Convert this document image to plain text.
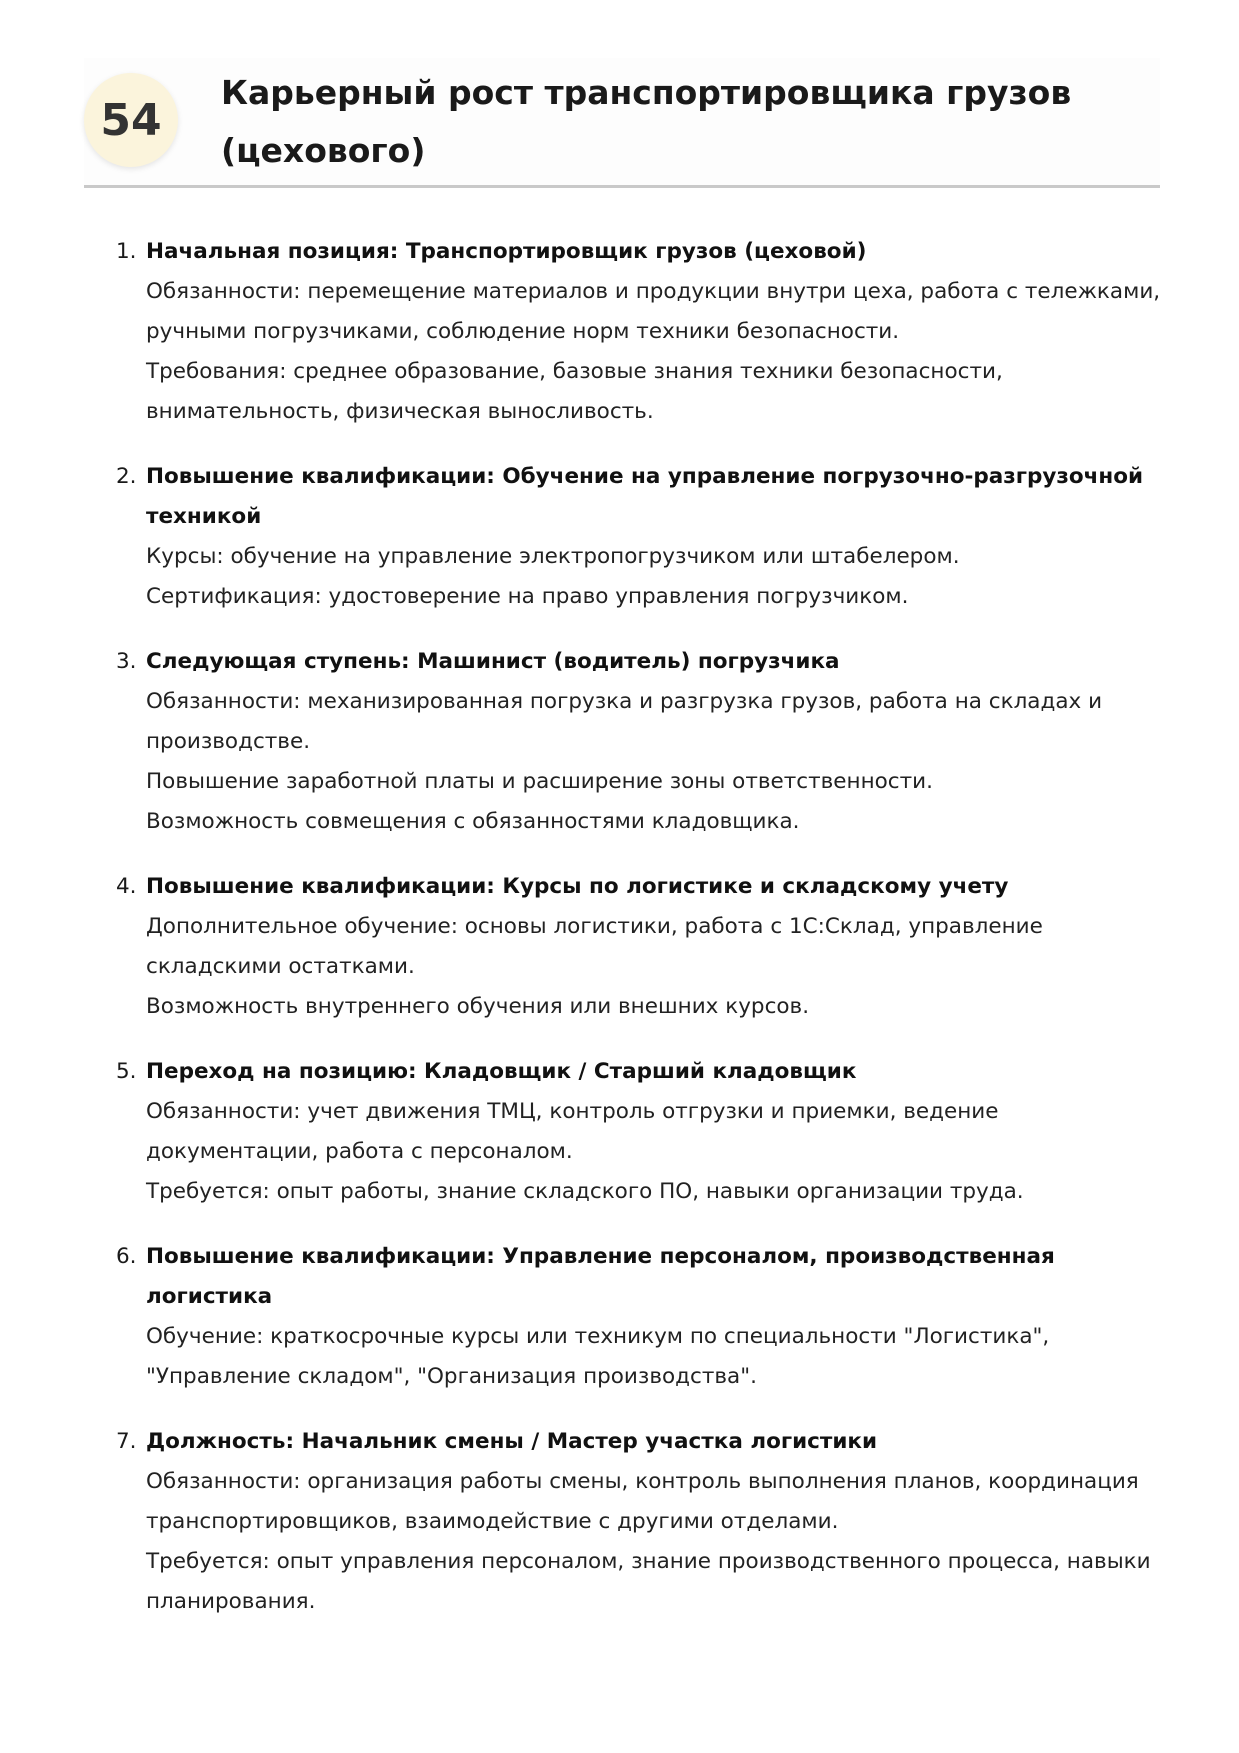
54
Карьерный рост транспортировщика грузов (цехового)
1. Начальная позиция: Транспортировщик грузов (цеховой)
Обязанности: перемещение материалов и продукции внутри цеха, работа с тележками, ручными погрузчиками, соблюдение норм техники безопасности.
Требования: среднее образование, базовые знания техники безопасности, внимательность, физическая выносливость.
2. Повышение квалификации: Обучение на управление погрузочно-разгрузочной техникой
Курсы: обучение на управление электропогрузчиком или штабелером.
Сертификация: удостоверение на право управления погрузчиком.
3. Следующая ступень: Машинист (водитель) погрузчика
Обязанности: механизированная погрузка и разгрузка грузов, работа на складах и производстве.
Повышение заработной платы и расширение зоны ответственности.
Возможность совмещения с обязанностями кладовщика.
4. Повышение квалификации: Курсы по логистике и складскому учету
Дополнительное обучение: основы логистики, работа с 1С:Склад, управление складскими остатками.
Возможность внутреннего обучения или внешних курсов.
5. Переход на позицию: Кладовщик / Старший кладовщик
Обязанности: учет движения ТМЦ, контроль отгрузки и приемки, ведение документации, работа с персоналом.
Требуется: опыт работы, знание складского ПО, навыки организации труда.
6. Повышение квалификации: Управление персоналом, производственная логистика
Обучение: краткосрочные курсы или техникум по специальности "Логистика", "Управление складом", "Организация производства".
7. Должность: Начальник смены / Мастер участка логистики
Обязанности: организация работы смены, контроль выполнения планов, координация транспортировщиков, взаимодействие с другими отделами.
Требуется: опыт управления персоналом, знание производственного процесса, навыки планирования.
